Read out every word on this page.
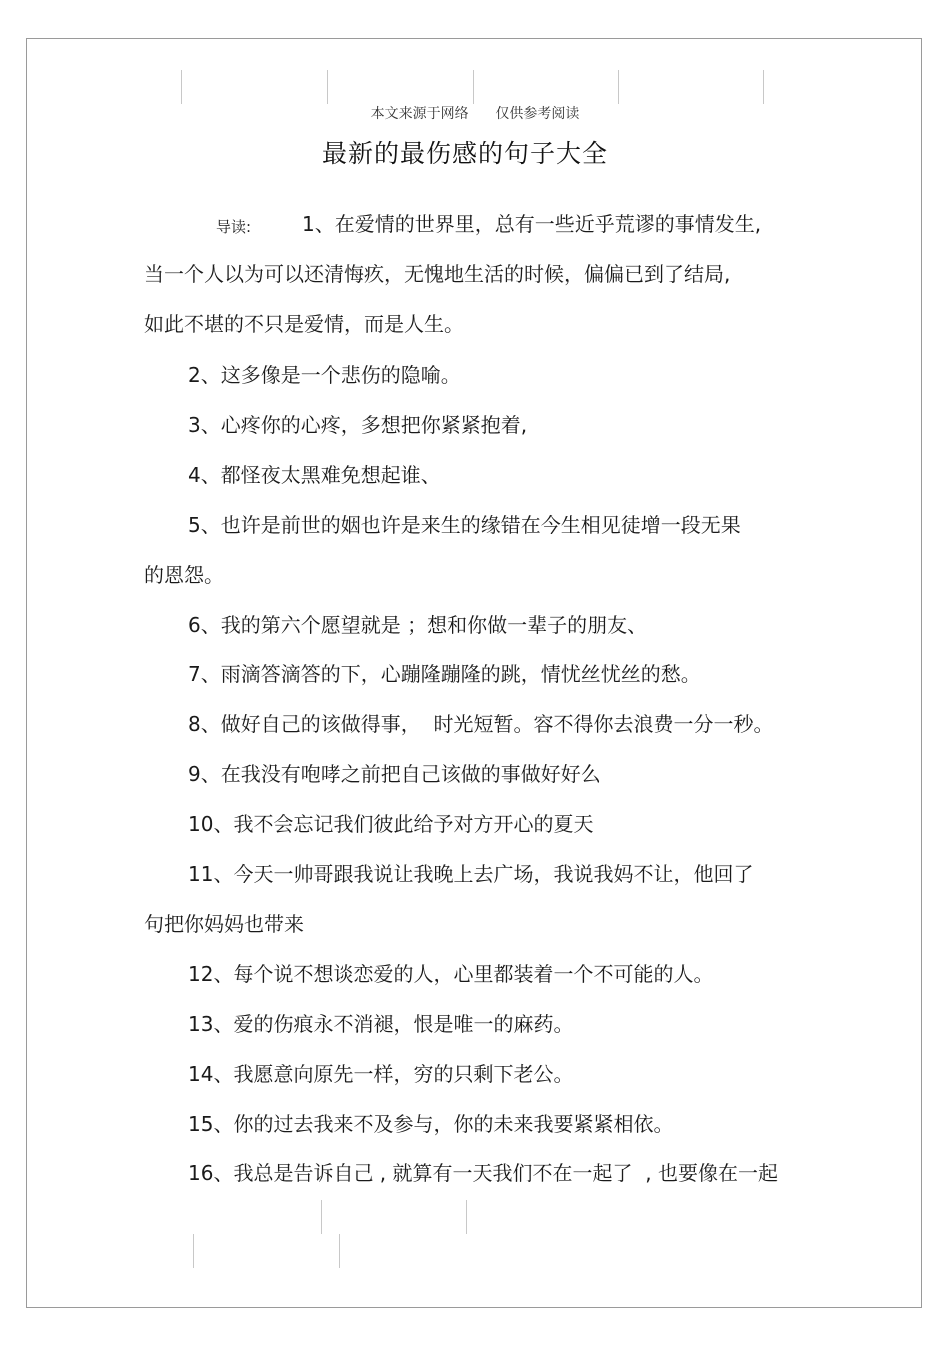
本文来源于网络      仅供参考阅读
最新的最伤感的句子大全
导读:	1、在爱情的世界里，总有一些近乎荒谬的事情发生,
当一个人以为可以还清悔疚，无愧地生活的时候，偏偏已到了结局,
如此不堪的不只是爱情，而是人生。
2、这多像是一个悲伤的隐喻。
3、心疼你的心疼，多想把你紧紧抱着,
4、都怪夜太黑难免想起谁、
5、也许是前世的姻也许是来生的缘错在今生相见徒增一段无果
的恩怨。
6、我的第六个愿望就是 ；想和你做一辈子的朋友、
7、雨滴答滴答的下，心蹦隆蹦隆的跳，情忧丝忧丝的愁。
8、做好自己的该做得事，  时光短暂。容不得你去浪费一分一秒。
9、在我没有咆哮之前把自己该做的事做好好么
10、我不会忘记我们彼此给予对方开心的夏天
11、今天一帅哥跟我说让我晚上去广场，我说我妈不让，他回了
句把你妈妈也带来
12、每个说不想谈恋爱的人，心里都装着一个不可能的人。
13、爱的伤痕永不消褪，恨是唯一的麻药。
14、我愿意向原先一样，穷的只剩下老公。
15、你的过去我来不及参与，你的未来我要紧紧相依。
16、我总是告诉自己 , 就算有一天我们不在一起了  , 也要像在一起
